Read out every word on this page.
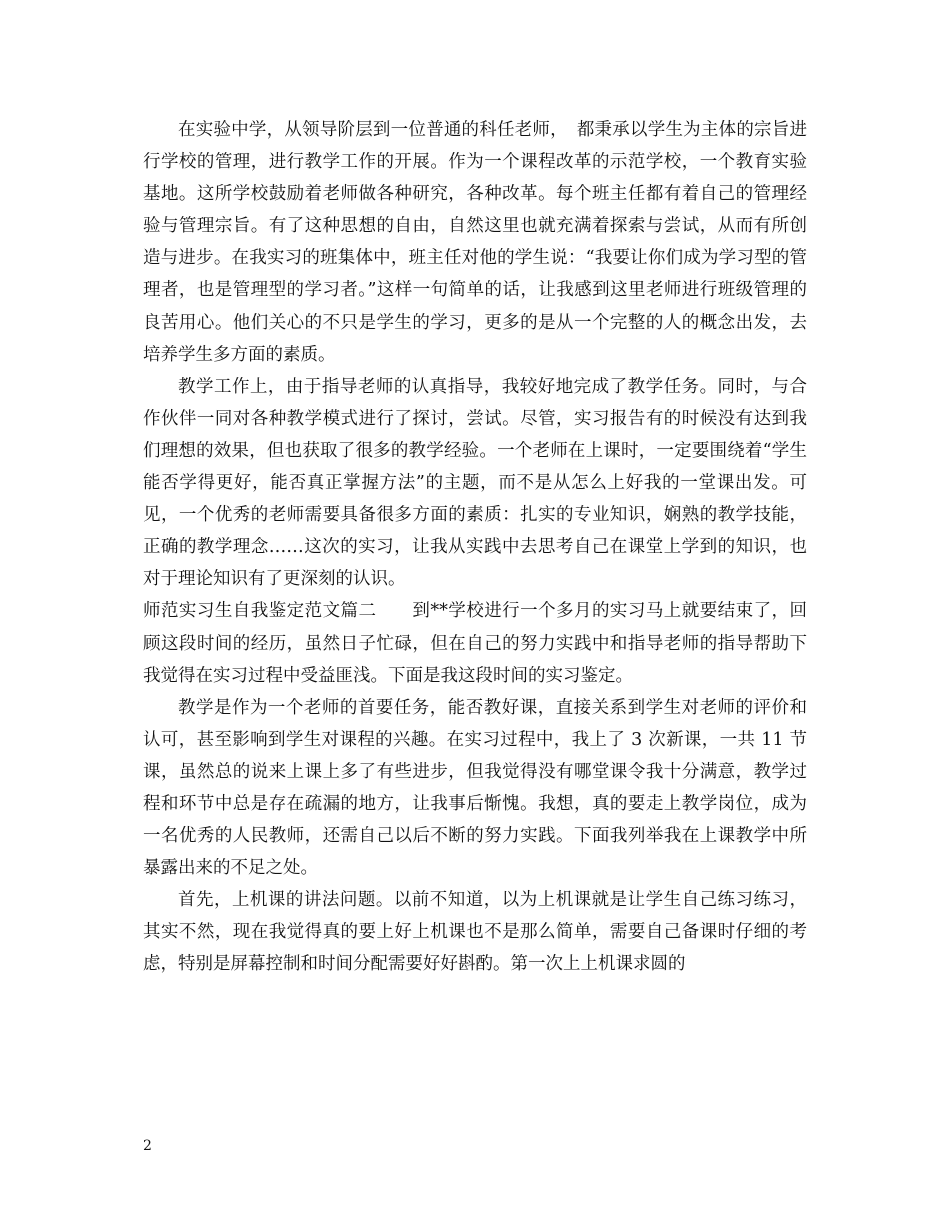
在实验中学，从领导阶层到一位普通的科任老师，　都秉承以学生为主体的宗旨进行学校的管理，进行教学工作的开展。作为一个课程改革的示范学校，一个教育实验基地。这所学校鼓励着老师做各种研究，各种改革。每个班主任都有着自己的管理经验与管理宗旨。有了这种思想的自由，自然这里也就充满着探索与尝试，从而有所创造与进步。在我实习的班集体中，班主任对他的学生说：“我要让你们成为学习型的管理者，也是管理型的学习者。”这样一句简单的话，让我感到这里老师进行班级管理的良苦用心。他们关心的不只是学生的学习，更多的是从一个完整的人的概念出发，去培养学生多方面的素质。

教学工作上，由于指导老师的认真指导，我较好地完成了教学任务。同时，与合作伙伴一同对各种教学模式进行了探讨，尝试。尽管，实习报告有的时候没有达到我们理想的效果，但也获取了很多的教学经验。一个老师在上课时，一定要围绕着“学生能否学得更好，能否真正掌握方法”的主题，而不是从怎么上好我的一堂课出发。可见，一个优秀的老师需要具备很多方面的素质：扎实的专业知识，娴熟的教学技能，正确的教学理念……这次的实习，让我从实践中去思考自己在课堂上学到的知识，也对于理论知识有了更深刻的认识。

师范实习生自我鉴定范文篇二　　到**学校进行一个多月的实习马上就要结束了，回顾这段时间的经历，虽然日子忙碌，但在自己的努力实践中和指导老师的指导帮助下我觉得在实习过程中受益匪浅。下面是我这段时间的实习鉴定。

教学是作为一个老师的首要任务，能否教好课，直接关系到学生对老师的评价和认可，甚至影响到学生对课程的兴趣。在实习过程中，我上了 3 次新课，一共 11 节课，虽然总的说来上课上多了有些进步，但我觉得没有哪堂课令我十分满意，教学过程和环节中总是存在疏漏的地方，让我事后惭愧。我想，真的要走上教学岗位，成为一名优秀的人民教师，还需自己以后不断的努力实践。下面我列举我在上课教学中所暴露出来的不足之处。

首先，上机课的讲法问题。以前不知道，以为上机课就是让学生自己练习练习，其实不然，现在我觉得真的要上好上机课也不是那么简单，需要自己备课时仔细的考虑，特别是屏幕控制和时间分配需要好好斟酌。第一次上上机课求圆的

2
